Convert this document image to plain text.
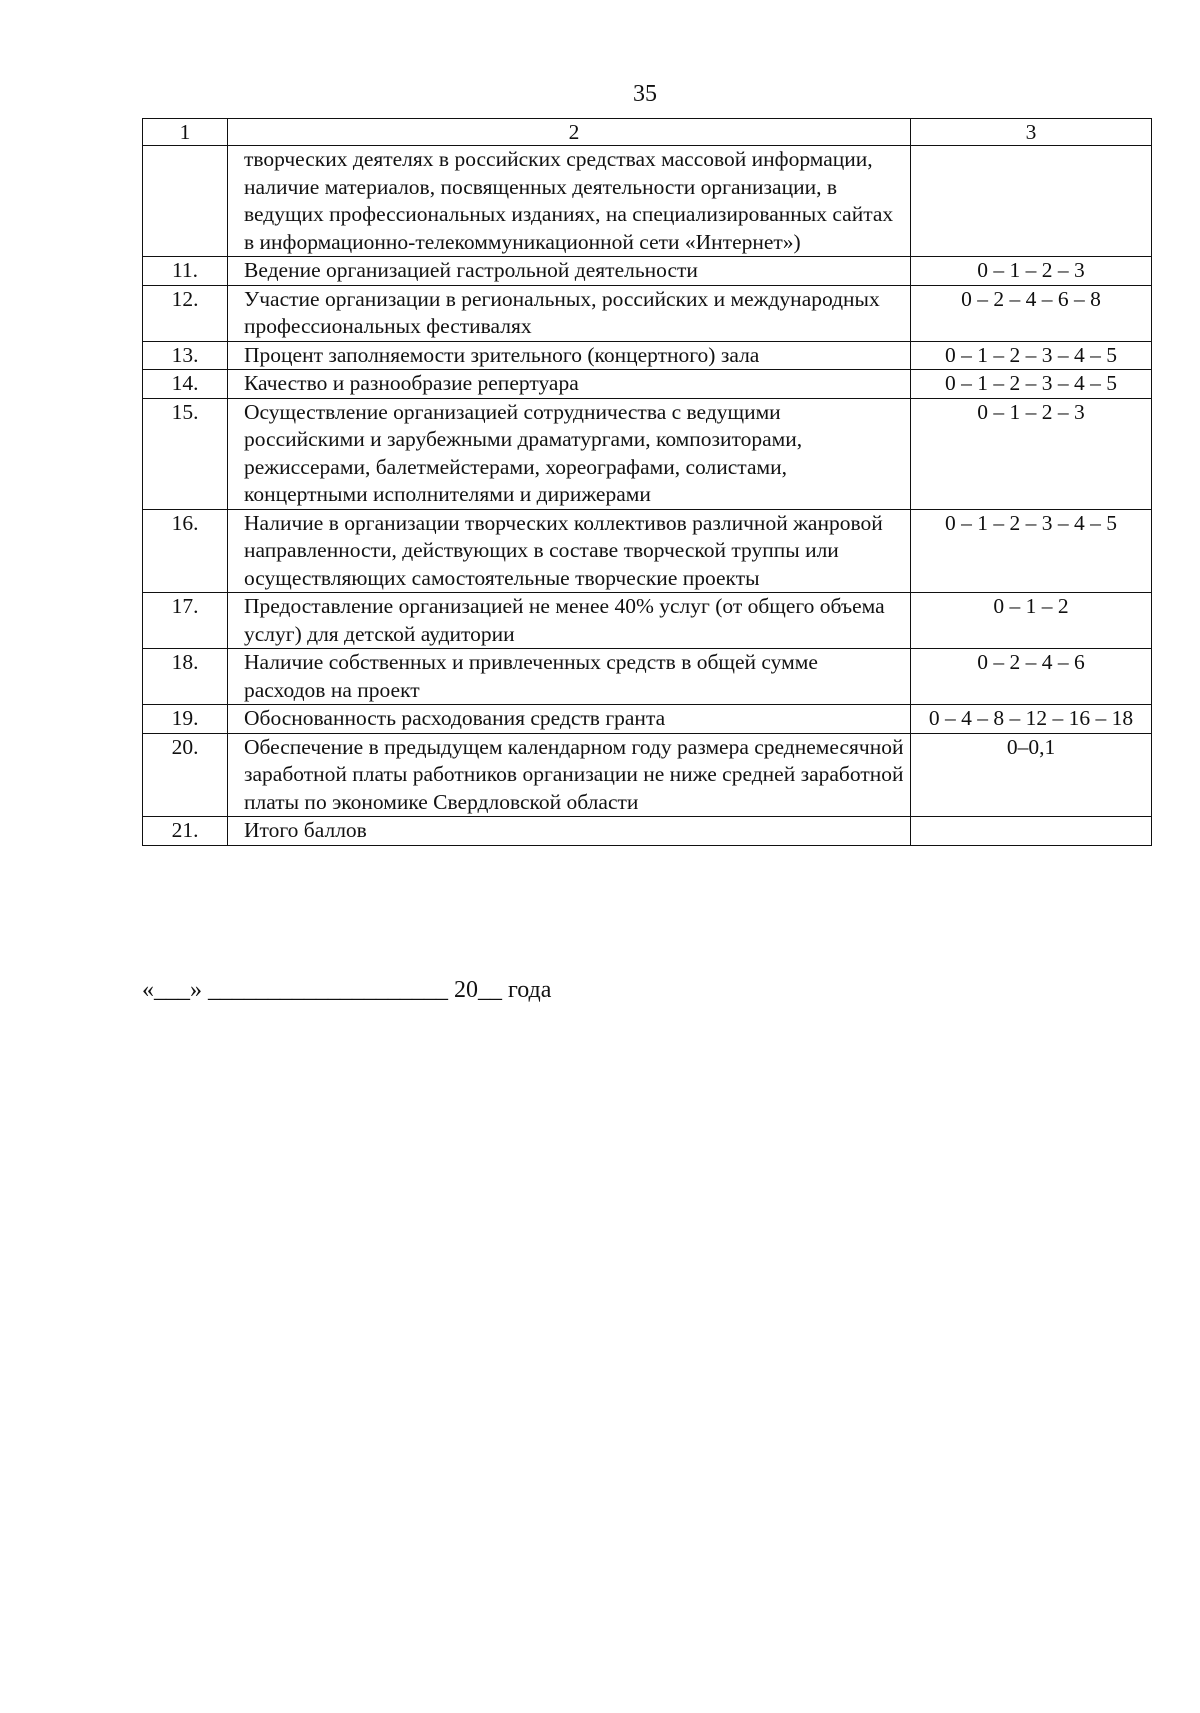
35
1	2	3
	творческих деятелях в российских средствах массовой информации, наличие материалов, посвященных деятельности организации, в ведущих профессиональных изданиях, на специализированных сайтах в информационно-телекоммуникационной сети «Интернет»)	
11.	Ведение организацией гастрольной деятельности	0 – 1 – 2 – 3
12.	Участие организации в региональных, российских и международных профессиональных фестивалях	0 – 2 – 4 – 6 – 8
13.	Процент заполняемости зрительного (концертного) зала	0 – 1 – 2 – 3 – 4 – 5
14.	Качество и разнообразие репертуара	0 – 1 – 2 – 3 – 4 – 5
15.	Осуществление организацией сотрудничества с ведущими российскими и зарубежными драматургами, композиторами, режиссерами, балетмейстерами, хореографами, солистами, концертными исполнителями и дирижерами	0 – 1 – 2 – 3
16.	Наличие в организации творческих коллективов различной жанровой направленности, действующих в составе творческой труппы или осуществляющих самостоятельные творческие проекты	0 – 1 – 2 – 3 – 4 – 5
17.	Предоставление организацией не менее 40% услуг (от общего объема услуг) для детской аудитории	0 – 1 – 2
18.	Наличие собственных и привлеченных средств в общей сумме расходов на проект	0 – 2 – 4 – 6
19.	Обоснованность расходования средств гранта	0 – 4 – 8 – 12 – 16 – 18
20.	Обеспечение в предыдущем календарном году размера среднемесячной заработной платы работников организации не ниже средней заработной платы по экономике Свердловской области	0–0,1
21.	Итого баллов	
«___» ____________________ 20__ года
